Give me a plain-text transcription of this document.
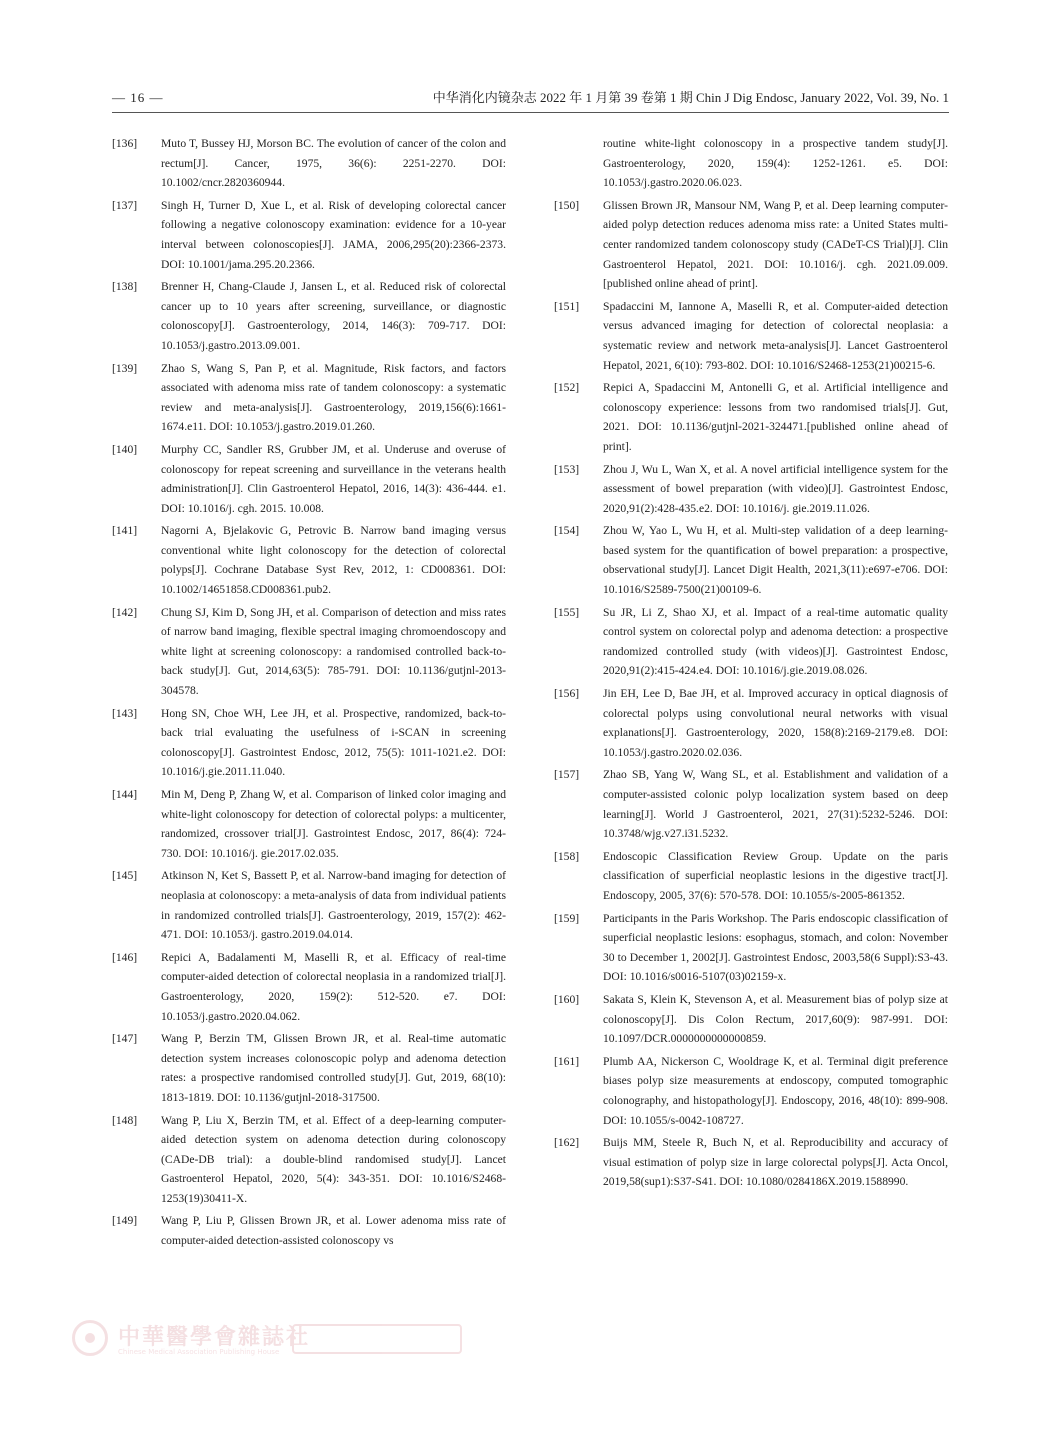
— 16 —	中华消化内镜杂志 2022 年 1 月第 39 卷第 1 期 Chin J Dig Endosc, January 2022, Vol. 39, No. 1
[136] Muto T, Bussey HJ, Morson BC. The evolution of cancer of the colon and rectum[J]. Cancer, 1975, 36(6): 2251-2270. DOI: 10.1002/cncr.2820360944.
[137] Singh H, Turner D, Xue L, et al. Risk of developing colorectal cancer following a negative colonoscopy examination: evidence for a 10-year interval between colonoscopies[J]. JAMA, 2006,295(20):2366-2373. DOI: 10.1001/jama.295.20.2366.
[138] Brenner H, Chang-Claude J, Jansen L, et al. Reduced risk of colorectal cancer up to 10 years after screening, surveillance, or diagnostic colonoscopy[J]. Gastroenterology, 2014, 146(3): 709-717. DOI: 10.1053/j.gastro.2013.09.001.
[139] Zhao S, Wang S, Pan P, et al. Magnitude, Risk factors, and factors associated with adenoma miss rate of tandem colonoscopy: a systematic review and meta-analysis[J]. Gastroenterology, 2019,156(6):1661-1674.e11. DOI: 10.1053/j.gastro.2019.01.260.
[140] Murphy CC, Sandler RS, Grubber JM, et al. Underuse and overuse of colonoscopy for repeat screening and surveillance in the veterans health administration[J]. Clin Gastroenterol Hepatol, 2016, 14(3): 436-444. e1. DOI: 10.1016/j. cgh. 2015. 10.008.
[141] Nagorni A, Bjelakovic G, Petrovic B. Narrow band imaging versus conventional white light colonoscopy for the detection of colorectal polyps[J]. Cochrane Database Syst Rev, 2012, 1: CD008361. DOI: 10.1002/14651858.CD008361.pub2.
[142] Chung SJ, Kim D, Song JH, et al. Comparison of detection and miss rates of narrow band imaging, flexible spectral imaging chromoendoscopy and white light at screening colonoscopy: a randomised controlled back-to-back study[J]. Gut, 2014,63(5): 785-791. DOI: 10.1136/gutjnl-2013-304578.
[143] Hong SN, Choe WH, Lee JH, et al. Prospective, randomized, back-to-back trial evaluating the usefulness of i-SCAN in screening colonoscopy[J]. Gastrointest Endosc, 2012, 75(5): 1011-1021.e2. DOI: 10.1016/j.gie.2011.11.040.
[144] Min M, Deng P, Zhang W, et al. Comparison of linked color imaging and white-light colonoscopy for detection of colorectal polyps: a multicenter, randomized, crossover trial[J]. Gastrointest Endosc, 2017, 86(4): 724-730. DOI: 10.1016/j. gie.2017.02.035.
[145] Atkinson N, Ket S, Bassett P, et al. Narrow-band imaging for detection of neoplasia at colonoscopy: a meta-analysis of data from individual patients in randomized controlled trials[J]. Gastroenterology, 2019, 157(2): 462-471. DOI: 10.1053/j. gastro.2019.04.014.
[146] Repici A, Badalamenti M, Maselli R, et al. Efficacy of real-time computer-aided detection of colorectal neoplasia in a randomized trial[J]. Gastroenterology, 2020, 159(2): 512-520. e7. DOI: 10.1053/j.gastro.2020.04.062.
[147] Wang P, Berzin TM, Glissen Brown JR, et al. Real-time automatic detection system increases colonoscopic polyp and adenoma detection rates: a prospective randomised controlled study[J]. Gut, 2019, 68(10): 1813-1819. DOI: 10.1136/gutjnl-2018-317500.
[148] Wang P, Liu X, Berzin TM, et al. Effect of a deep-learning computer-aided detection system on adenoma detection during colonoscopy (CADe-DB trial): a double-blind randomised study[J]. Lancet Gastroenterol Hepatol, 2020, 5(4): 343-351. DOI: 10.1016/S2468-1253(19)30411-X.
[149] Wang P, Liu P, Glissen Brown JR, et al. Lower adenoma miss rate of computer-aided detection-assisted colonoscopy vs
routine white-light colonoscopy in a prospective tandem study[J]. Gastroenterology, 2020, 159(4): 1252-1261. e5. DOI: 10.1053/j.gastro.2020.06.023.
[150] Glissen Brown JR, Mansour NM, Wang P, et al. Deep learning computer-aided polyp detection reduces adenoma miss rate: a United States multi-center randomized tandem colonoscopy study (CADeT-CS Trial)[J]. Clin Gastroenterol Hepatol, 2021. DOI: 10.1016/j. cgh. 2021.09.009.[published online ahead of print].
[151] Spadaccini M, Iannone A, Maselli R, et al. Computer-aided detection versus advanced imaging for detection of colorectal neoplasia: a systematic review and network meta-analysis[J]. Lancet Gastroenterol Hepatol, 2021, 6(10): 793-802. DOI: 10.1016/S2468-1253(21)00215-6.
[152] Repici A, Spadaccini M, Antonelli G, et al. Artificial intelligence and colonoscopy experience: lessons from two randomised trials[J]. Gut, 2021. DOI: 10.1136/gutjnl-2021-324471.[published online ahead of print].
[153] Zhou J, Wu L, Wan X, et al. A novel artificial intelligence system for the assessment of bowel preparation (with video)[J]. Gastrointest Endosc, 2020,91(2):428-435.e2. DOI: 10.1016/j. gie.2019.11.026.
[154] Zhou W, Yao L, Wu H, et al. Multi-step validation of a deep learning-based system for the quantification of bowel preparation: a prospective, observational study[J]. Lancet Digit Health, 2021,3(11):e697-e706. DOI: 10.1016/S2589-7500(21)00109-6.
[155] Su JR, Li Z, Shao XJ, et al. Impact of a real-time automatic quality control system on colorectal polyp and adenoma detection: a prospective randomized controlled study (with videos)[J]. Gastrointest Endosc, 2020,91(2):415-424.e4. DOI: 10.1016/j.gie.2019.08.026.
[156] Jin EH, Lee D, Bae JH, et al. Improved accuracy in optical diagnosis of colorectal polyps using convolutional neural networks with visual explanations[J]. Gastroenterology, 2020, 158(8):2169-2179.e8. DOI: 10.1053/j.gastro.2020.02.036.
[157] Zhao SB, Yang W, Wang SL, et al. Establishment and validation of a computer-assisted colonic polyp localization system based on deep learning[J]. World J Gastroenterol, 2021, 27(31):5232-5246. DOI: 10.3748/wjg.v27.i31.5232.
[158] Endoscopic Classification Review Group. Update on the paris classification of superficial neoplastic lesions in the digestive tract[J]. Endoscopy, 2005, 37(6): 570-578. DOI: 10.1055/s-2005-861352.
[159] Participants in the Paris Workshop. The Paris endoscopic classification of superficial neoplastic lesions: esophagus, stomach, and colon: November 30 to December 1, 2002[J]. Gastrointest Endosc, 2003,58(6 Suppl):S3-43. DOI: 10.1016/s0016-5107(03)02159-x.
[160] Sakata S, Klein K, Stevenson A, et al. Measurement bias of polyp size at colonoscopy[J]. Dis Colon Rectum, 2017,60(9): 987-991. DOI: 10.1097/DCR.0000000000000859.
[161] Plumb AA, Nickerson C, Wooldrage K, et al. Terminal digit preference biases polyp size measurements at endoscopy, computed tomographic colonography, and histopathology[J]. Endoscopy, 2016, 48(10): 899-908. DOI: 10.1055/s-0042-108727.
[162] Buijs MM, Steele R, Buch N, et al. Reproducibility and accuracy of visual estimation of polyp size in large colorectal polyps[J]. Acta Oncol, 2019,58(sup1):S37-S41. DOI: 10.1080/0284186X.2019.1588990.
中華醫學會雜誌社
Chinese Medical Association Publishing House
